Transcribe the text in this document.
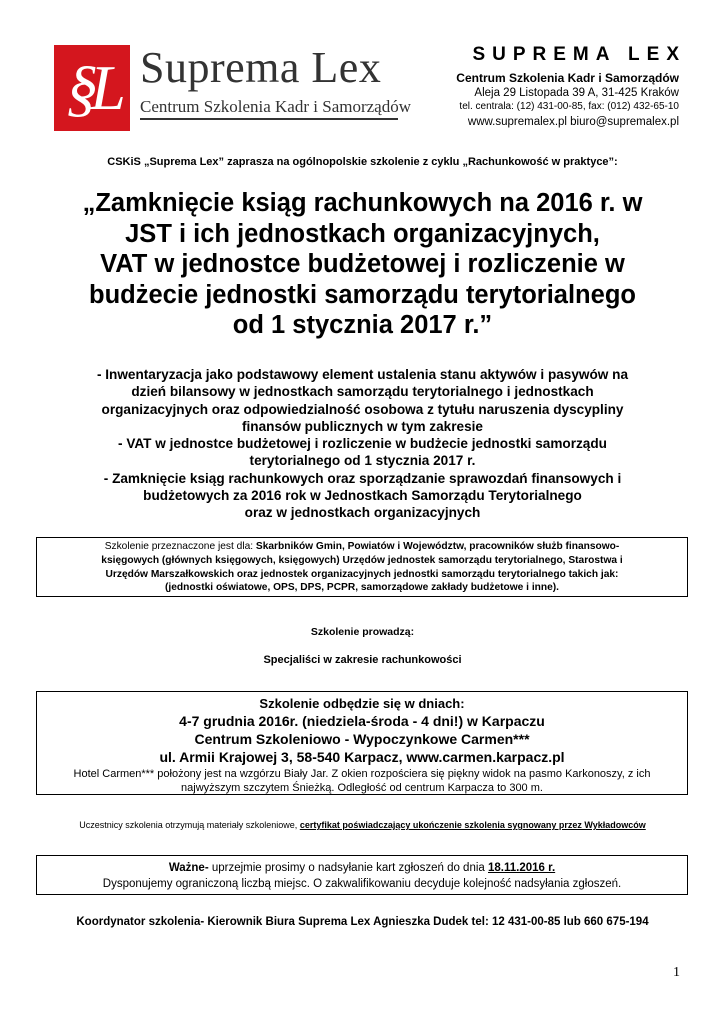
§L Suprema Lex
Centrum Szkolenia Kadr i Samorządów
SUPREMA LEX
Centrum Szkolenia Kadr i Samorządów
Aleja 29 Listopada 39 A, 31-425 Kraków
tel. centrala: (12) 431-00-85, fax: (012) 432-65-10
www.supremalex.pl biuro@supremalex.pl
CSKiS „Suprema Lex” zaprasza na ogólnopolskie szkolenie z cyklu „Rachunkowość w praktyce”:
„Zamknięcie ksiąg rachunkowych na 2016 r. w
JST i ich jednostkach organizacyjnych,
VAT w jednostce budżetowej i rozliczenie w
budżecie jednostki samorządu terytorialnego
od 1 stycznia 2017 r.”
- Inwentaryzacja jako podstawowy element ustalenia stanu aktywów i pasywów na
dzień bilansowy w jednostkach samorządu terytorialnego i jednostkach
organizacyjnych oraz odpowiedzialność osobowa z tytułu naruszenia dyscypliny
finansów publicznych w tym zakresie
- VAT w jednostce budżetowej i rozliczenie w budżecie jednostki samorządu
terytorialnego od 1 stycznia 2017 r.
- Zamknięcie ksiąg rachunkowych oraz sporządzanie sprawozdań finansowych i
budżetowych za 2016 rok w Jednostkach Samorządu Terytorialnego
oraz w jednostkach organizacyjnych
Szkolenie przeznaczone jest dla: Skarbników Gmin, Powiatów i Województw, pracowników służb finansowo-
księgowych (głównych księgowych, księgowych) Urzędów jednostek samorządu terytorialnego, Starostwa i
Urzędów Marszałkowskich oraz jednostek organizacyjnych jednostki samorządu terytorialnego takich jak:
(jednostki oświatowe, OPS, DPS, PCPR, samorządowe zakłady budżetowe i inne).
Szkolenie prowadzą:
Specjaliści w zakresie rachunkowości
Szkolenie odbędzie się w dniach:
4-7 grudnia 2016r. (niedziela-środa - 4 dni!) w Karpaczu
Centrum Szkoleniowo - Wypoczynkowe Carmen***
ul. Armii Krajowej 3, 58-540 Karpacz, www.carmen.karpacz.pl
Hotel Carmen*** położony jest na wzgórzu Biały Jar. Z okien rozpościera się piękny widok na pasmo Karkonoszy, z ich
najwyższym szczytem Śnieżką. Odległość od centrum Karpacza to 300 m.
Uczestnicy szkolenia otrzymują materiały szkoleniowe, certyfikat poświadczający ukończenie szkolenia sygnowany przez Wykładowców
Ważne- uprzejmie prosimy o nadsyłanie kart zgłoszeń do dnia 18.11.2016 r.
Dysponujemy ograniczoną liczbą miejsc. O zakwalifikowaniu decyduje kolejność nadsyłania zgłoszeń.
Koordynator szkolenia- Kierownik Biura Suprema Lex Agnieszka Dudek tel: 12 431-00-85 lub 660 675-194
1
